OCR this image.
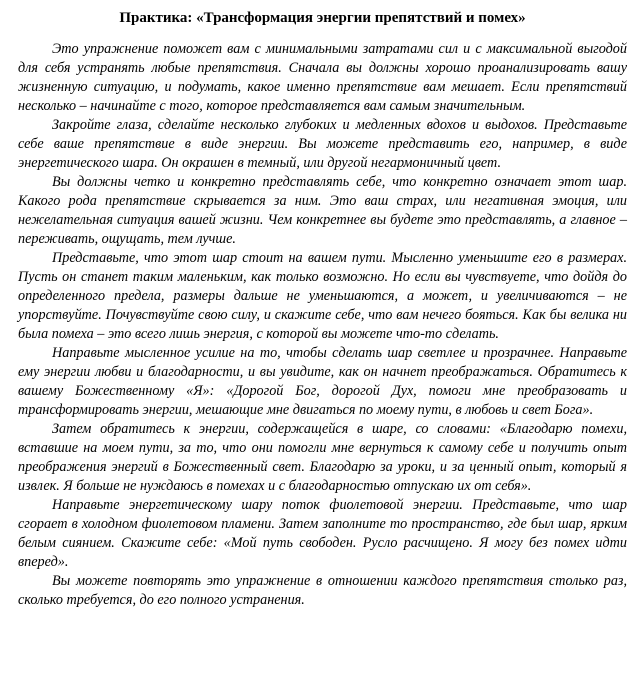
Практика: «Трансформация энергии препятствий и помех»

Это упражнение поможет вам с минимальными затратами сил и с максимальной выгодой для себя устранять любые препятствия. Сначала вы должны хорошо проанализировать вашу жизненную ситуацию, и подумать, какое именно препятствие вам мешает. Если препятствий несколько – начинайте с того, которое представляется вам самым значительным.

Закройте глаза, сделайте несколько глубоких и медленных вдохов и выдохов. Представьте себе ваше препятствие в виде энергии. Вы можете представить его, например, в виде энергетического шара. Он окрашен в темный, или другой негармоничный цвет.

Вы должны четко и конкретно представлять себе, что конкретно означает этот шар. Какого рода препятствие скрывается за ним. Это ваш страх, или негативная эмоция, или нежелательная ситуация вашей жизни. Чем конкретнее вы будете это представлять, а главное – переживать, ощущать, тем лучше.

Представьте, что этот шар стоит на вашем пути. Мысленно уменьшите его в размерах. Пусть он станет таким маленьким, как только возможно. Но если вы чувствуете, что дойдя до определенного предела, размеры дальше не уменьшаются, а может, и увеличиваются – не упорствуйте. Почувствуйте свою силу, и скажите себе, что вам нечего бояться. Как бы велика ни была помеха – это всего лишь энергия, с которой вы можете что-то сделать.

Направьте мысленное усилие на то, чтобы сделать шар светлее и прозрачнее. Направьте ему энергии любви и благодарности, и вы увидите, как он начнет преображаться. Обратитесь к вашему Божественному «Я»: «Дорогой Бог, дорогой Дух, помоги мне преобразовать и трансформировать энергии, мешающие мне двигаться по моему пути, в любовь и свет Бога».

Затем обратитесь к энергии, содержащейся в шаре, со словами: «Благодарю помехи, вставшие на моем пути, за то, что они помогли мне вернуться к самому себе и получить опыт преображения энергий в Божественный свет. Благодарю за уроки, и за ценный опыт, который я извлек. Я больше не нуждаюсь в помехах и с благодарностью отпускаю их от себя».

Направьте энергетическому шару поток фиолетовой энергии. Представьте, что шар сгорает в холодном фиолетовом пламени. Затем заполните то пространство, где был шар, ярким белым сиянием. Скажите себе: «Мой путь свободен. Русло расчищено. Я могу без помех идти вперед».

Вы можете повторять это упражнение в отношении каждого препятствия столько раз, сколько требуется, до его полного устранения.
